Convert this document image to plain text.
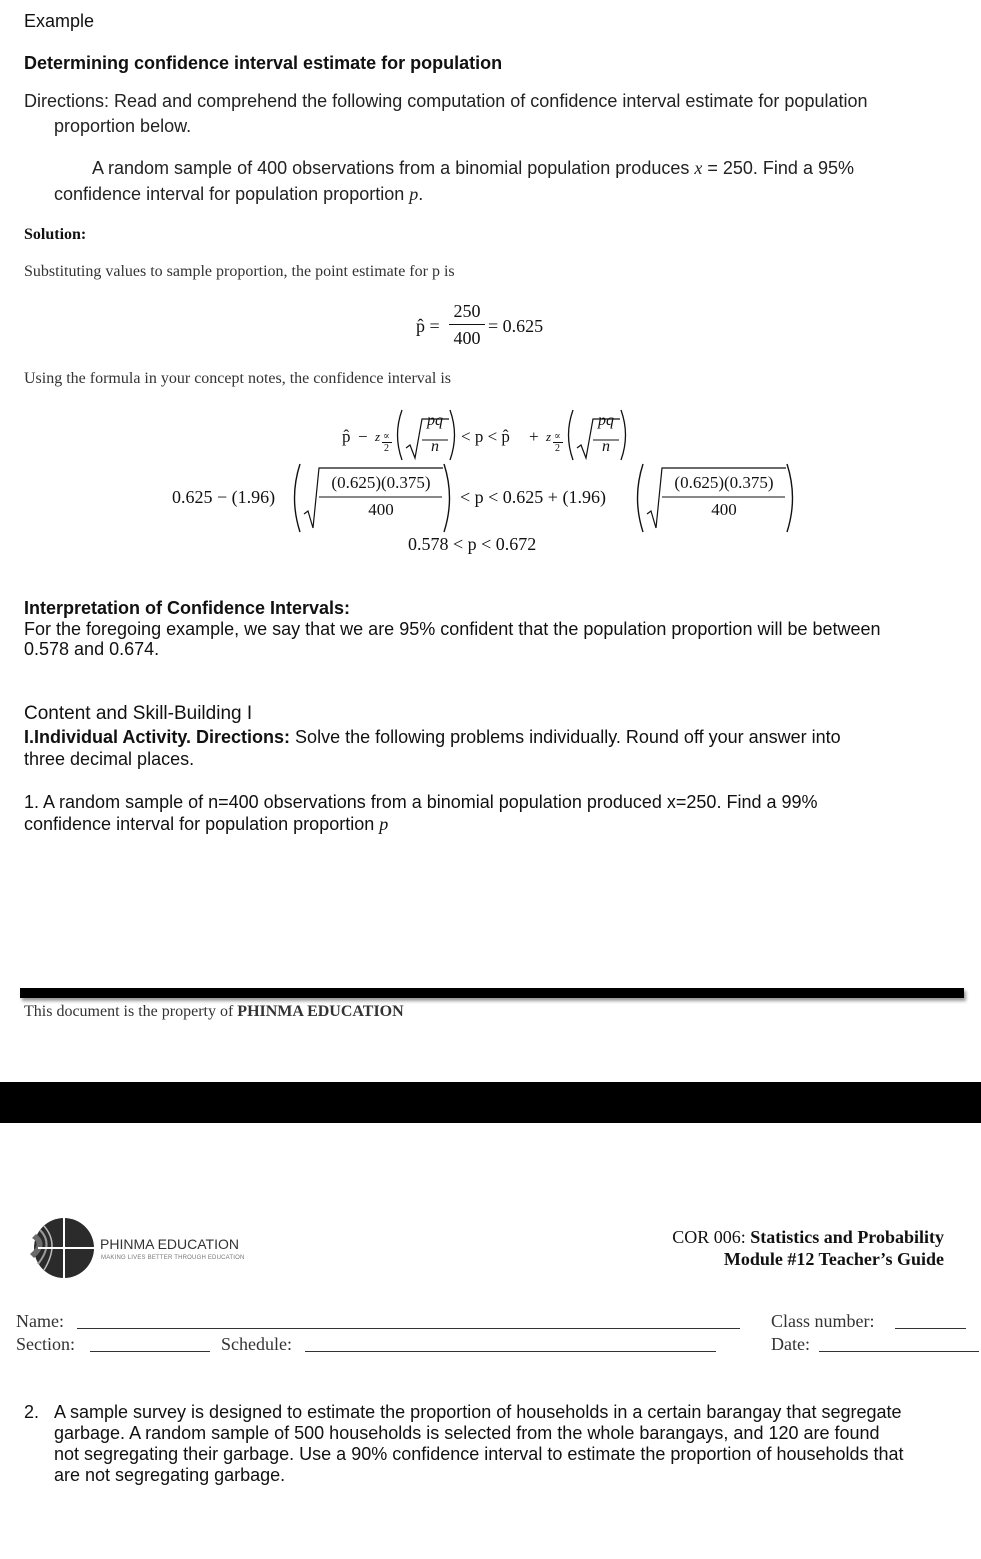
Example
Determining confidence interval estimate for population
Directions: Read and comprehend the following computation of confidence interval estimate for population
proportion below.
A random sample of 400 observations from a binomial population produces x = 250. Find a 95%
confidence interval for population proportion p.
Solution:
Substituting values to sample proportion, the point estimate for p is
p̂ =
250
400
= 0.625
Using the formula in your concept notes, the confidence interval is
p̂ − z ∝
2
pq
n
< p < p̂ + z ∝
2
pq
n
0.625 − (1.96)
(0.625)(0.375)
400
< p < 0.625 + (1.96)
(0.625)(0.375)
400
0.578 < p < 0.672
Interpretation of Confidence Intervals:
For the foregoing example, we say that we are 95% confident that the population proportion will be between
0.578 and 0.674.
Content and Skill-Building I
I.Individual Activity. Directions: Solve the following problems individually. Round off your answer into
three decimal places.
1. A random sample of n=400 observations from a binomial population produced x=250. Find a 99%
confidence interval for population proportion p
This document is the property of PHINMA EDUCATION
PHINMA EDUCATION
MAKING LIVES BETTER THROUGH EDUCATION
COR 006: Statistics and Probability
Module #12 Teacher’s Guide
Name:	Class number:
Section:	Schedule:	Date:
2. A sample survey is designed to estimate the proportion of households in a certain barangay that segregate
garbage. A random sample of 500 households is selected from the whole barangays, and 120 are found
not segregating their garbage. Use a 90% confidence interval to estimate the proportion of households that
are not segregating garbage.
